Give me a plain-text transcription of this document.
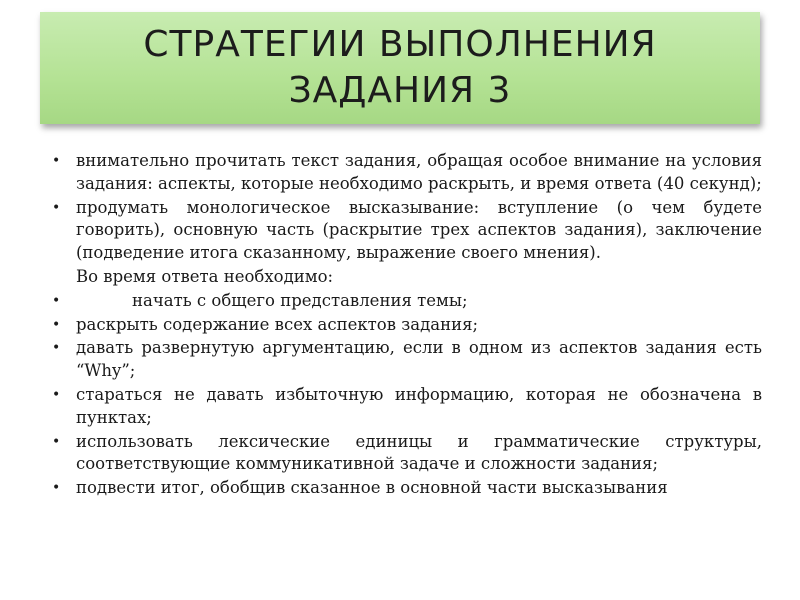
СТРАТЕГИИ ВЫПОЛНЕНИЯ
ЗАДАНИЯ 3
• внимательно прочитать текст задания, обращая особое внимание на условия задания: аспекты, которые необходимо раскрыть, и время ответа (40 секунд);
• продумать монологическое высказывание: вступление (о чем будете говорить), основную часть (раскрытие трех аспектов задания), заключение (подведение итога сказанному, выражение своего мнения).
Во время ответа необходимо:
•	начать с общего представления темы;
• раскрыть содержание всех аспектов задания;
• давать развернутую аргументацию, если в одном из аспектов задания есть “Why”;
• стараться не давать избыточную информацию, которая не обозначена в пунктах;
• использовать лексические единицы и грамматические структуры, соответствующие коммуникативной задаче и сложности задания;
• подвести итог, обобщив сказанное в основной части высказывания
